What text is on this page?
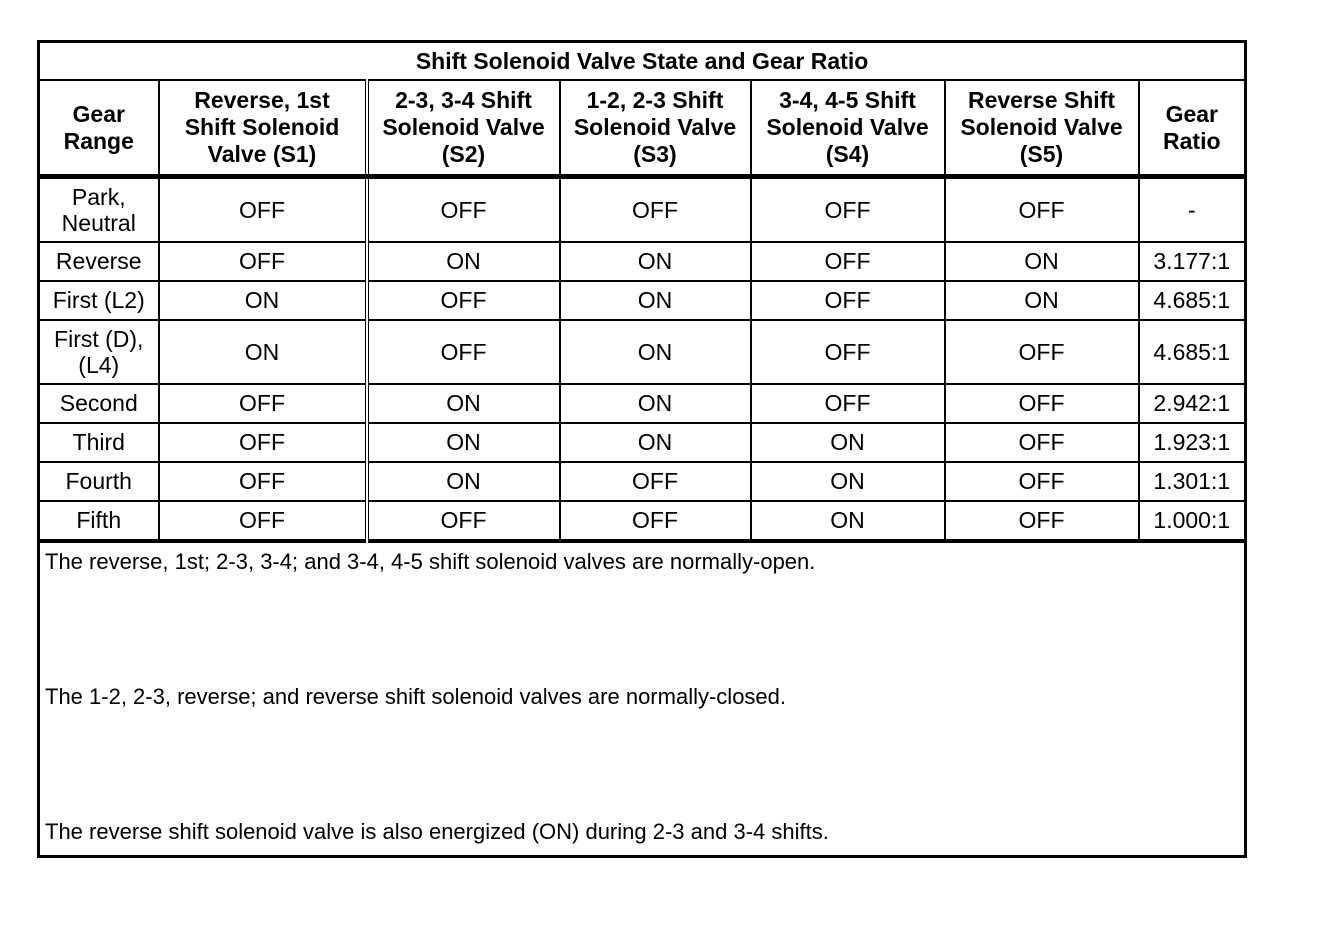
Shift Solenoid Valve State and Gear Ratio						

Gear
Range	Reverse, 1st
Shift Solenoid
Valve (S1)	2-3, 3-4 Shift
Solenoid Valve
(S2)	1-2, 2-3 Shift
Solenoid Valve
(S3)	3-4, 4-5 Shift
Solenoid Valve
(S4)	Reverse Shift
Solenoid Valve
(S5)	Gear
Ratio

Park,
Neutral	OFF	OFF	OFF	OFF	OFF	-
Reverse	OFF	ON	ON	OFF	ON	3.177:1
First (L2)	ON	OFF	ON	OFF	ON	4.685:1
First (D),
(L4)	ON	OFF	ON	OFF	OFF	4.685:1
Second	OFF	ON	ON	OFF	OFF	2.942:1
Third	OFF	ON	ON	ON	OFF	1.923:1
Fourth	OFF	ON	OFF	ON	OFF	1.301:1
Fifth	OFF	OFF	OFF	ON	OFF	1.000:1

The reverse, 1st; 2-3, 3-4; and 3-4, 4-5 shift solenoid valves are normally-open.
The 1-2, 2-3, reverse; and reverse shift solenoid valves are normally-closed.
The reverse shift solenoid valve is also energized (ON) during 2-3 and 3-4 shifts.						
